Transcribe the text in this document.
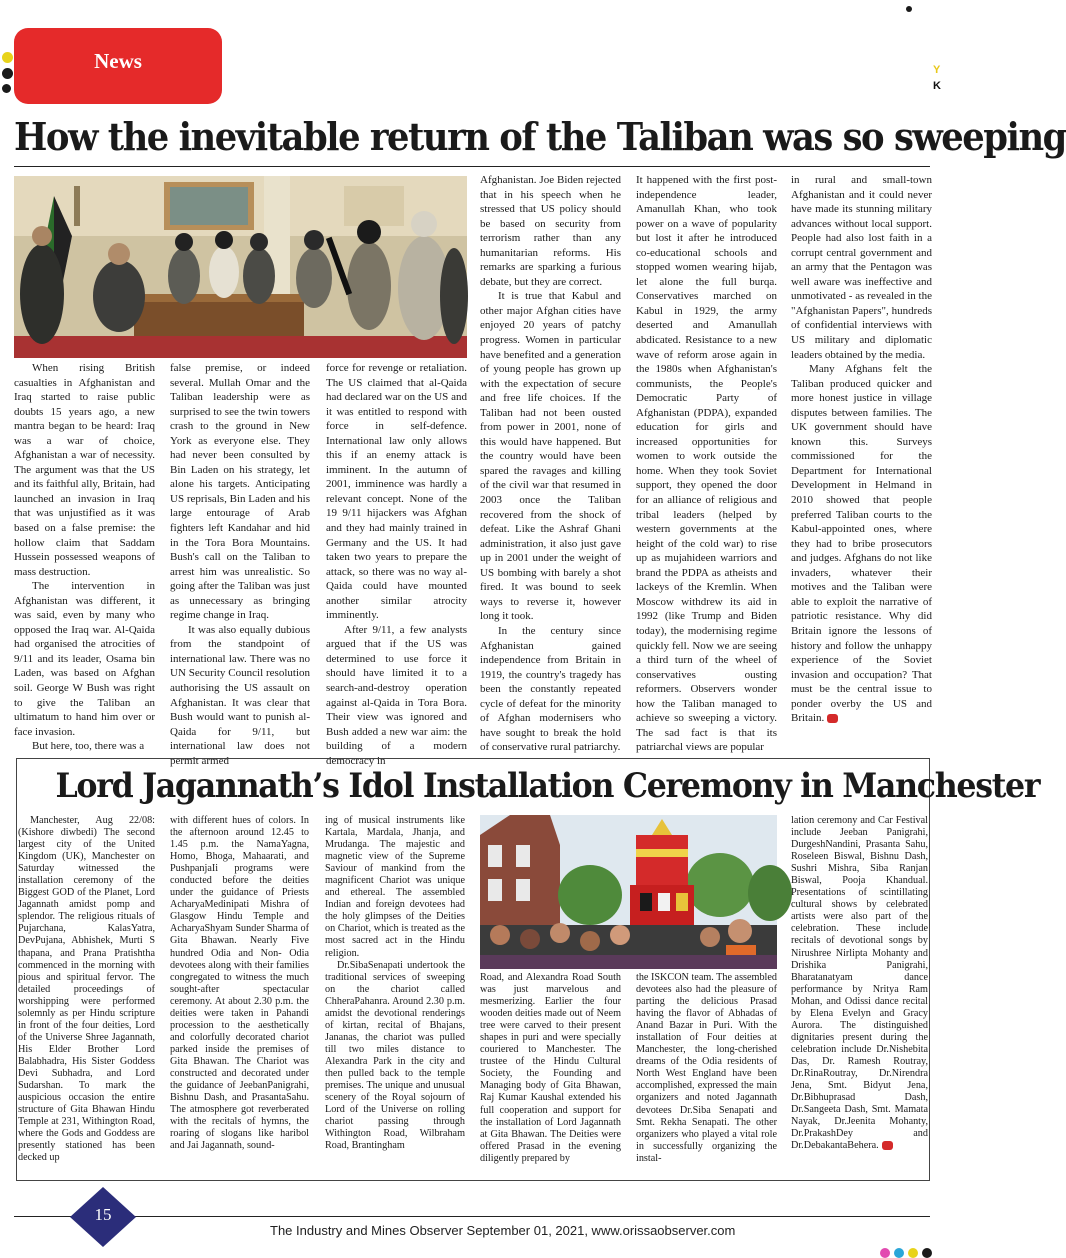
Y
K
News
How the inevitable return of the Taliban was so sweeping

When rising British casualties in Afghanistan and Iraq started to raise public doubts 15 years ago, a new mantra began to be heard: Iraq was a war of choice, Afghanistan a war of necessity. The argument was that the US and its faithful ally, Britain, had launched an invasion in Iraq that was unjustified as it was based on a false premise: the hollow claim that Saddam Hussein possessed weapons of mass destruction.

The intervention in Afghanistan was different, it was said, even by many who opposed the Iraq war. Al-Qaida had organised the atrocities of 9/11 and its leader, Osama bin Laden, was based on Afghan soil. George W Bush was right to give the Taliban an ultimatum to hand him over or face invasion.

But here, too, there was a

false premise, or indeed several. Mullah Omar and the Taliban leadership were as surprised to see the twin towers crash to the ground in New York as everyone else. They had never been consulted by Bin Laden on his strategy, let alone his targets. Anticipating US reprisals, Bin Laden and his large entourage of Arab fighters left Kandahar and hid in the Tora Bora Mountains. Bush's call on the Taliban to arrest him was unrealistic. So going after the Taliban was just as unnecessary as bringing regime change in Iraq.

It was also equally dubious from the standpoint of international law. There was no UN Security Council resolution authorising the US assault on Afghanistan. It was clear that Bush would want to punish al-Qaida for 9/11, but international law does not permit armed

force for revenge or retaliation. The US claimed that al-Qaida had declared war on the US and it was entitled to respond with force in self-defence. International law only allows this if an enemy attack is imminent. In the autumn of 2001, imminence was hardly a relevant concept. None of the 19 9/11 hijackers was Afghan and they had mainly trained in Germany and the US. It had taken two years to prepare the attack, so there was no way al-Qaida could have mounted another similar atrocity imminently.

After 9/11, a few analysts argued that if the US was determined to use force it should have limited it to a search-and-destroy operation against al-Qaida in Tora Bora. Their view was ignored and Bush added a new war aim: the building of a modern democracy in

Afghanistan. Joe Biden rejected that in his speech when he stressed that US policy should be based on security from terrorism rather than any humanitarian reforms. His remarks are sparking a furious debate, but they are correct.

It is true that Kabul and other major Afghan cities have enjoyed 20 years of patchy progress. Women in particular have benefited and a generation of young people has grown up with the expectation of secure and free life choices. If the Taliban had not been ousted from power in 2001, none of this would have happened. But the country would have been spared the ravages and killing of the civil war that resumed in 2003 once the Taliban recovered from the shock of defeat. Like the Ashraf Ghani administration, it also just gave up in 2001 under the weight of US bombing with barely a shot fired. It was bound to seek ways to reverse it, however long it took.

In the century since Afghanistan gained independence from Britain in 1919, the country's tragedy has been the constantly repeated cycle of defeat for the minority of Afghan modernisers who have sought to break the hold of conservative rural patriarchy.

It happened with the first post-independence leader, Amanullah Khan, who took power on a wave of popularity but lost it after he introduced co-educational schools and stopped women wearing hijab, let alone the full burqa. Conservatives marched on Kabul in 1929, the army deserted and Amanullah abdicated. Resistance to a new wave of reform arose again in the 1980s when Afghanistan's communists, the People's Democratic Party of Afghanistan (PDPA), expanded education for girls and increased opportunities for women to work outside the home. When they took Soviet support, they opened the door for an alliance of religious and tribal leaders (helped by western governments at the height of the cold war) to rise up as mujahideen warriors and brand the PDPA as atheists and lackeys of the Kremlin. When Moscow withdrew its aid in 1992 (like Trump and Biden today), the modernising regime quickly fell. Now we are seeing a third turn of the wheel of conservatives ousting reformers. Observers wonder how the Taliban managed to achieve so sweeping a victory. The sad fact is that its patriarchal views are popular

in rural and small-town Afghanistan and it could never have made its stunning military advances without local support. People had also lost faith in a corrupt central government and an army that the Pentagon was well aware was ineffective and unmotivated - as revealed in the "Afghanistan Papers", hundreds of confidential interviews with US military and diplomatic leaders obtained by the media.

Many Afghans felt the Taliban produced quicker and more honest justice in village disputes between families. The UK government should have known this. Surveys commissioned for the Department for International Development in Helmand in 2010 showed that people preferred Taliban courts to the Kabul-appointed ones, where they had to bribe prosecutors and judges. Afghans do not like invaders, whatever their motives and the Taliban were able to exploit the narrative of patriotic resistance. Why did Britain ignore the lessons of history and follow the unhappy experience of the Soviet invasion and occupation? That must be the central issue to ponder overby the US and Britain.

Lord Jagannath’s Idol Installation Ceremony in Manchester

Manchester, Aug 22/08: (Kishore diwbedi) The second largest city of the United Kingdom (UK), Manchester on Saturday witnessed the installation ceremony of the Biggest GOD of the Planet, Lord Jagannath amidst pomp and splendor. The religious rituals of Pujarchana, KalasYatra, DevPujana, Abhishek, Murti S thapana, and Prana Pratishtha commenced in the morning with pious and spiritual fervor. The detailed proceedings of worshipping were performed solemnly as per Hindu scripture in front of the four deities, Lord of the Universe Shree Jagannath, His Elder Brother Lord Balabhadra, His Sister Goddess Devi Subhadra, and Lord Sudarshan. To mark the auspicious occasion the entire structure of Gita Bhawan Hindu Temple at 231, Withington Road, where the Gods and Goddess are presently stationed has been decked up

with different hues of colors. In the afternoon around 12.45 to 1.45 p.m. the NamaYagna, Homo, Bhoga, Mahaarati, and PushpanjaIi programs were conducted before the deities under the guidance of Priests AcharyaMedinipati Mishra of Glasgow Hindu Temple and AcharyaShyam Sunder Sharma of Gita Bhawan. Nearly Five hundred Odia and Non- Odia devotees along with their families congregated to witness the much sought-after spectacular ceremony. At about 2.30 p.m. the deities were taken in Pahandi procession to the aesthetically and colorfully decorated chariot parked inside the premises of Gita Bhawan. The Chariot was constructed and decorated under the guidance of JeebanPanigrahi, Bishnu Dash, and PrasantaSahu. The atmosphere got reverberated with the recitals of hymns, the roaring of slogans like haribol and Jai Jagannath, sound-

ing of musical instruments like Kartala, Mardala, Jhanja, and Mrudanga. The majestic and magnetic view of the Supreme Saviour of mankind from the magnificent Chariot was unique and ethereal. The assembled Indian and foreign devotees had the holy glimpses of the Deities on Chariot, which is treated as the most sacred act in the Hindu religion.

Dr.SibaSenapati undertook the traditional services of sweeping on the chariot called ChheraPahanra. Around 2.30 p.m. amidst the devotional renderings of kirtan, recital of Bhajans, Jananas, the chariot was pulled till two miles distance to Alexandra Park in the city and then pulled back to the temple premises. The unique and unusual scenery of the Royal sojourn of Lord of the Universe on rolling chariot passing through Withington Road, Wilbraham Road, Brantingham

Road, and Alexandra Road South was just marvelous and mesmerizing. Earlier the four wooden deities made out of Neem tree were carved to their present shapes in puri and were specially couriered to Manchester. The trustee of the Hindu Cultural Society, the Founding and Managing body of Gita Bhawan, Raj Kumar Kaushal extended his full cooperation and support for the installation of Lord Jagannath at Gita Bhawan. The Deities were offered Prasad in the evening diligently prepared by

the ISKCON team. The assembled devotees also had the pleasure of parting the delicious Prasad having the flavor of Abhadas of Anand Bazar in Puri. With the installation of Four deities at Manchester, the long-cherished dreams of the Odia residents of North West England have been accomplished, expressed the main organizers and noted Jagannath devotees Dr.Siba Senapati and Smt. Rekha Senapati. The other organizers who played a vital role in successfully organizing the instal-

lation ceremony and Car Festival include Jeeban Panigrahi, DurgeshNandini, Prasanta Sahu, Roseleen Biswal, Bishnu Dash, Sushri Mishra, Siba Ranjan Biswal, Pooja Khandual. Presentations of scintillating cultural shows by celebrated artists were also part of the celebration. These include recitals of devotional songs by Nirushree Nirlipta Mohanty and Drishika Panigrahi, Bharatanatyam dance performance by Nritya Ram Mohan, and Odissi dance recital by Elena Evelyn and Gracy Aurora. The distinguished dignitaries present during the celebration include Dr.Nishebita Das, Dr. Ramesh Routray, Dr.RinaRoutray, Dr.Nirendra Jena, Smt. Bidyut Jena, Dr.Bibhuprasad Dash, Dr.Sangeeta Dash, Smt. Mamata Nayak, Dr.Jeenita Mohanty, Dr.PrakashDey and Dr.DebakantaBehera.

15
The Industry and Mines Observer September 01, 2021, www.orissaobserver.com
